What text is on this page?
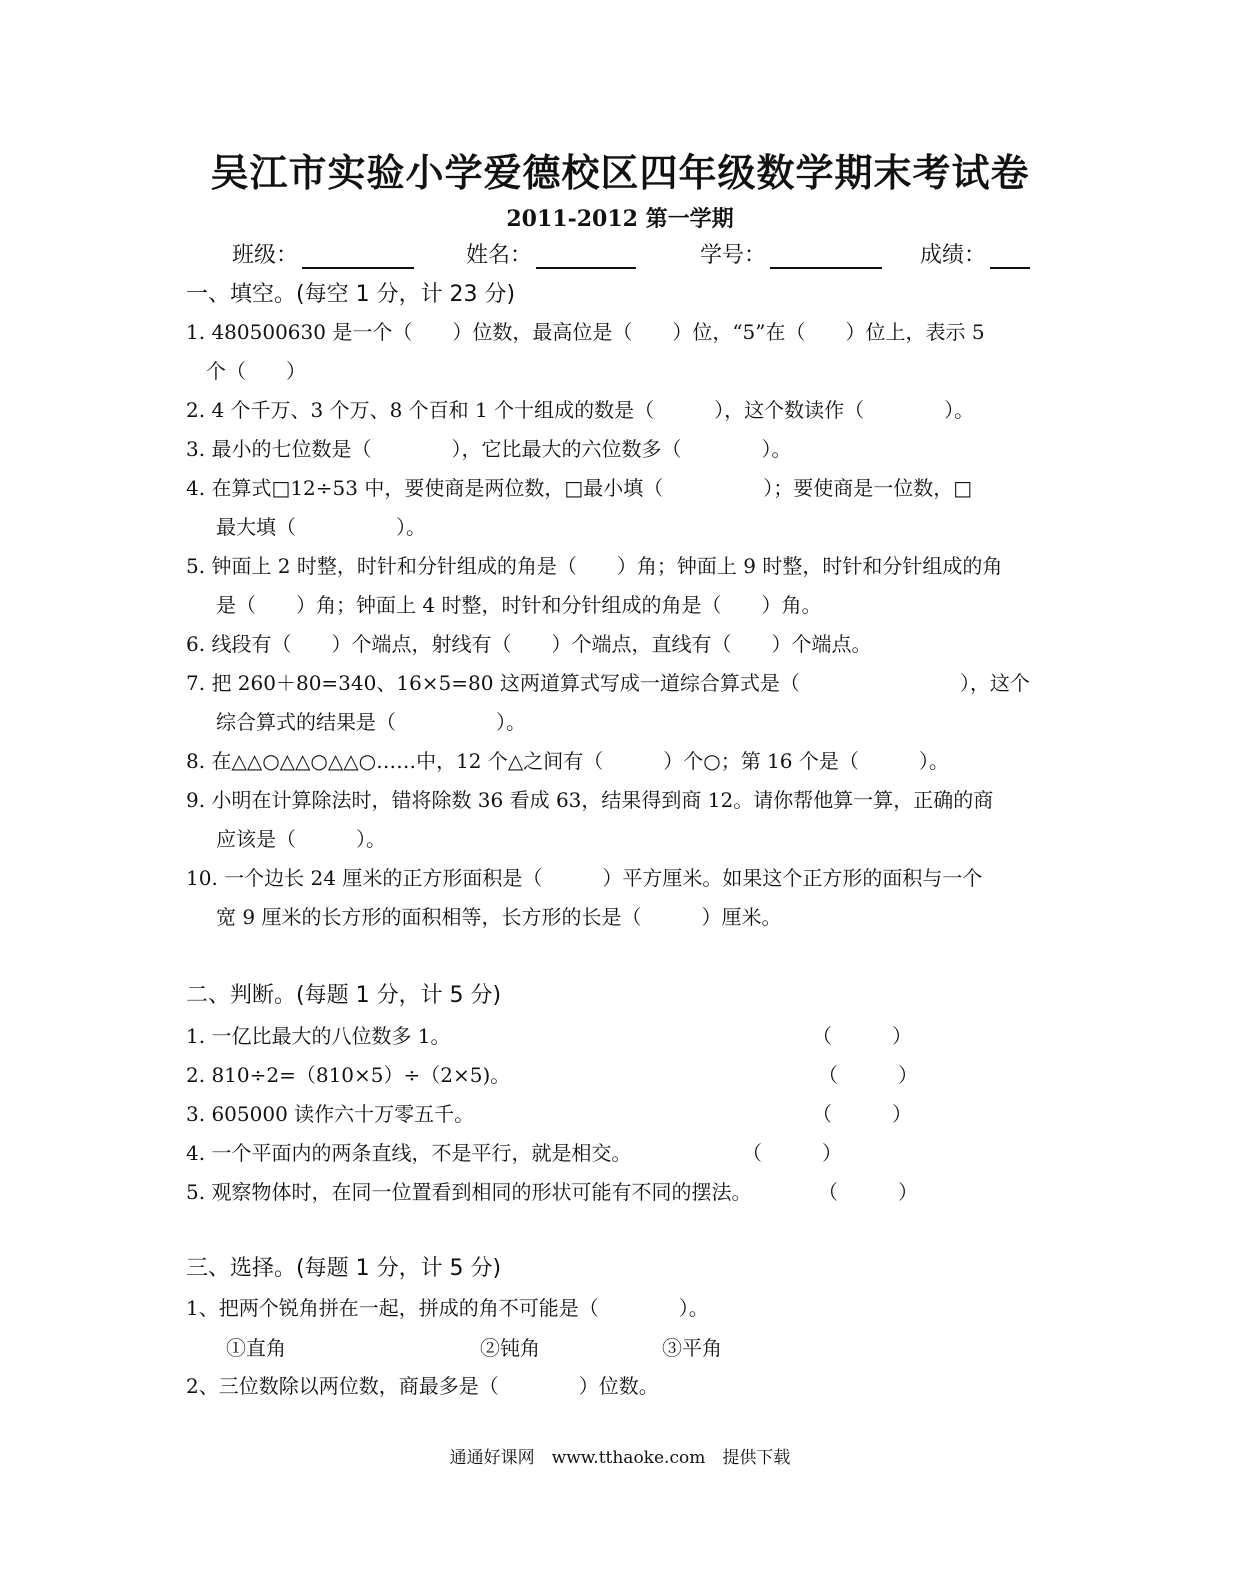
吴江市实验小学爱德校区四年级数学期末考试卷
2011-2012 第一学期
班级：	姓名：	学号：	成绩：
一、填空。(每空 1 分，计 23 分)
1. 480500630 是一个（　　）位数，最高位是（　　）位，“5”在（　　）位上，表示 5
个（　　）
2. 4 个千万、3 个万、8 个百和 1 个十组成的数是（　　　），这个数读作（　　　　）。
3. 最小的七位数是（　　　　），它比最大的六位数多（　　　　）。
4. 在算式□12÷53 中，要使商是两位数，□最小填（　　　　　）；要使商是一位数，□
最大填（　　　　　）。
5. 钟面上 2 时整，时针和分针组成的角是（　　）角；钟面上 9 时整，时针和分针组成的角
是（　　）角；钟面上 4 时整，时针和分针组成的角是（　　）角。
6. 线段有（　　）个端点，射线有（　　）个端点，直线有（　　）个端点。
7. 把 260＋80=340、16×5=80 这两道算式写成一道综合算式是（　　　　　　　　），这个
综合算式的结果是（　　　　　）。
8. 在△△○△△○△△○……中，12 个△之间有（　　　）个○；第 16 个是（　　　）。
9. 小明在计算除法时，错将除数 36 看成 63，结果得到商 12。请你帮他算一算，正确的商
应该是（　　　）。
10. 一个边长 24 厘米的正方形面积是（　　　）平方厘米。如果这个正方形的面积与一个
宽 9 厘米的长方形的面积相等，长方形的长是（　　　）厘米。
二、判断。(每题 1 分，计 5 分)
1. 一亿比最大的八位数多 1。	（　　　）
2. 810÷2=（810×5）÷（2×5)。	（　　　）
3. 605000 读作六十万零五千。	（　　　）
4. 一个平面内的两条直线，不是平行，就是相交。	（　　　）
5. 观察物体时，在同一位置看到相同的形状可能有不同的摆法。	（　　　）
三、选择。(每题 1 分，计 5 分)
1、把两个锐角拼在一起，拼成的角不可能是（　　　　）。
①直角	②钝角	③平角
2、三位数除以两位数，商最多是（　　　　）位数。
通通好课网　www.tthaoke.com　提供下载
